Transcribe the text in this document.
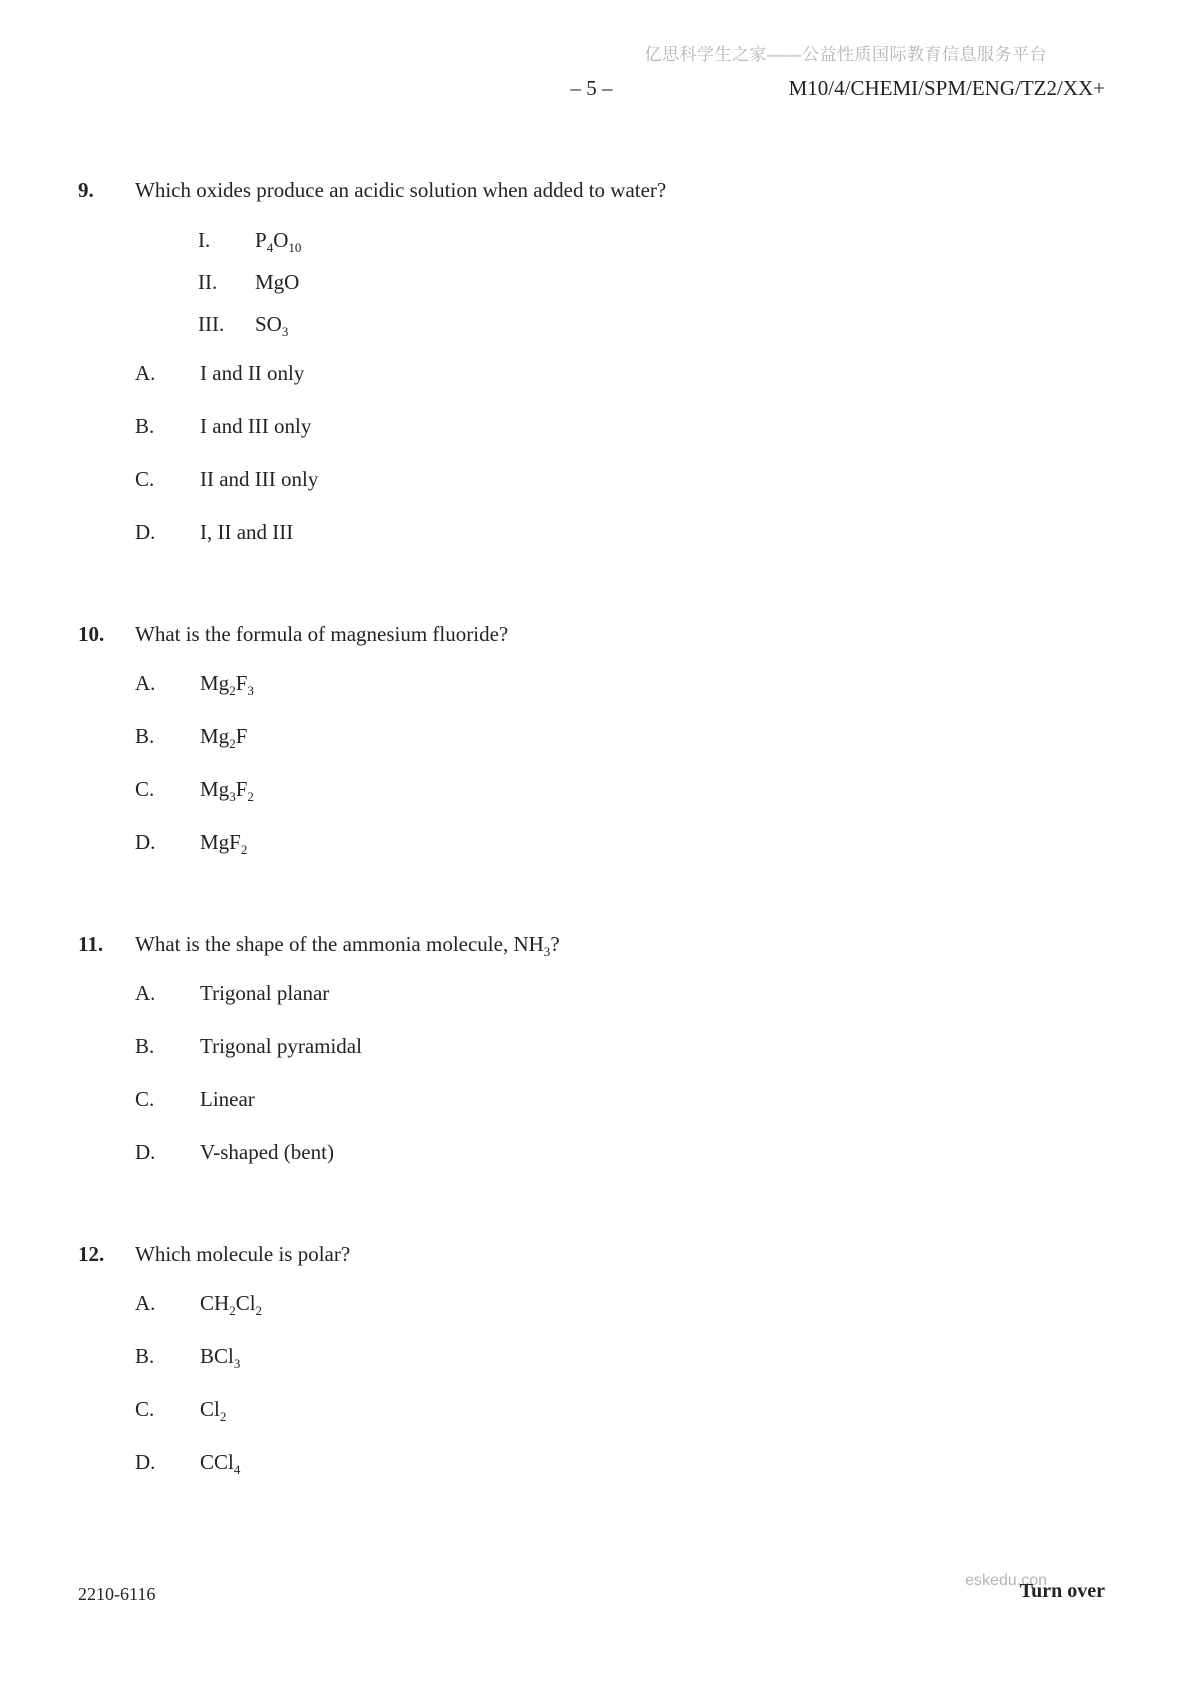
亿思科学生之家——公益性质国际教育信息服务平台
– 5 –	M10/4/CHEMI/SPM/ENG/TZ2/XX+
9.	Which oxides produce an acidic solution when added to water?
I.	$P_4O_{10}$
II.	MgO
III.	$SO_3$
A.	I and II only
B.	I and III only
C.	II and III only
D.	I, II and III
10.	What is the formula of magnesium fluoride?
A.	$Mg_2F_3$
B.	$Mg_2F$
C.	$Mg_3F_2$
D.	MgF$_2$
11.	What is the shape of the ammonia molecule, $NH_3$?
A.	Trigonal planar
B.	Trigonal pyramidal
C.	Linear
D.	V-shaped (bent)
12.	Which molecule is polar?
A.	$CH_2Cl_2$
B.	BCl$_3$
C.	$Cl_2$
D.	CCl$_4$
2210-6116
eskedu.con
Turn over
